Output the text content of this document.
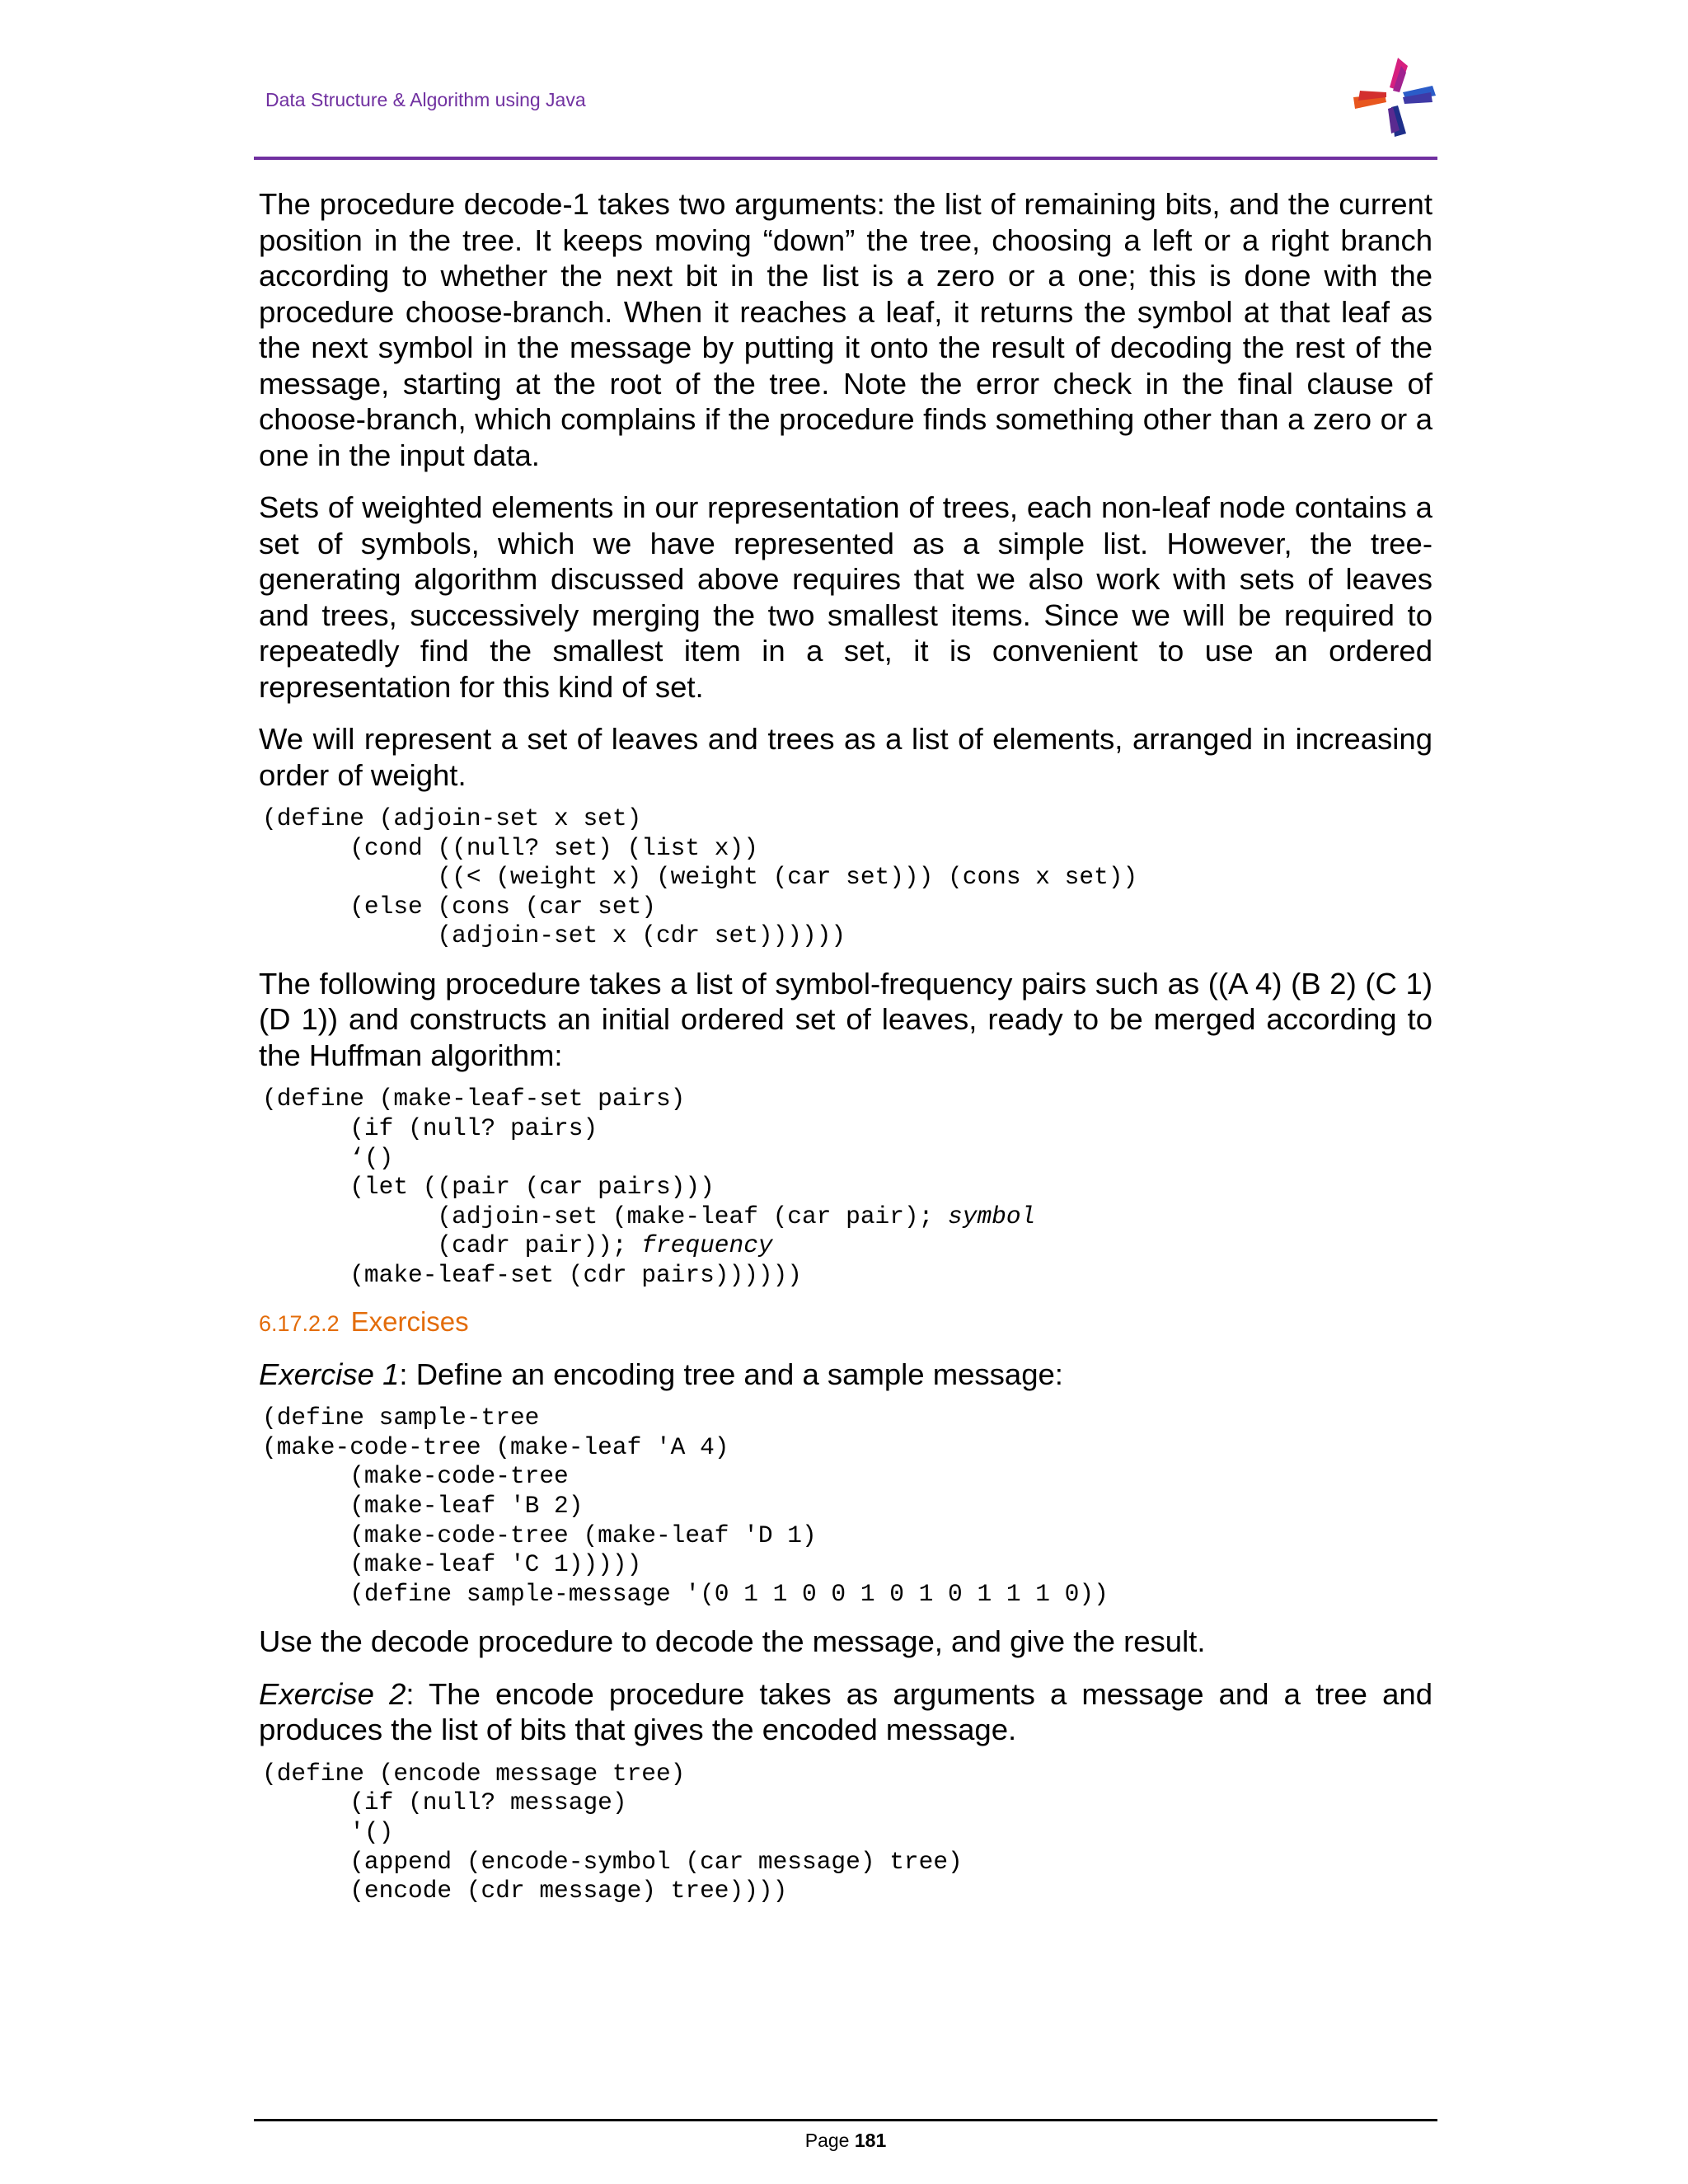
Data Structure & Algorithm using Java

The procedure decode-1 takes two arguments: the list of remaining bits, and the current position in the tree. It keeps moving “down” the tree, choosing a left or a right branch according to whether the next bit in the list is a zero or a one; this is done with the procedure choose-branch. When it reaches a leaf, it returns the symbol at that leaf as the next symbol in the message by putting it onto the result of decoding the rest of the message, starting at the root of the tree. Note the error check in the final clause of choose-branch, which complains if the procedure finds something other than a zero or a one in the input data.

Sets of weighted elements in our representation of trees, each non-leaf node contains a set of symbols, which we have represented as a simple list. However, the tree-generating algorithm discussed above requires that we also work with sets of leaves and trees, successively merging the two smallest items. Since we will be required to repeatedly find the smallest item in a set, it is convenient to use an ordered representation for this kind of set.

We will represent a set of leaves and trees as a list of elements, arranged in increasing order of weight.

(define (adjoin-set x set)
(cond ((null? set) (list x))
((< (weight x) (weight (car set))) (cons x set))
(else (cons (car set)
(adjoin-set x (cdr set))))))

The following procedure takes a list of symbol-frequency pairs such as ((A 4) (B 2) (C 1) (D 1)) and constructs an initial ordered set of leaves, ready to be merged according to the Huffman algorithm:

(define (make-leaf-set pairs)
(if (null? pairs)
‘()
(let ((pair (car pairs)))
(adjoin-set (make-leaf (car pair); symbol
(cadr pair)); frequency
(make-leaf-set (cdr pairs))))))
6.17.2.2 Exercises

Exercise 1: Define an encoding tree and a sample message:

(define sample-tree
(make-code-tree (make-leaf 'A 4)
(make-code-tree
(make-leaf 'B 2)
(make-code-tree (make-leaf 'D 1)
(make-leaf 'C 1)))))
(define sample-message '(0 1 1 0 0 1 0 1 0 1 1 1 0))

Use the decode procedure to decode the message, and give the result.

Exercise 2: The encode procedure takes as arguments a message and a tree and produces the list of bits that gives the encoded message.

(define (encode message tree)
(if (null? message)
'()
(append (encode-symbol (car message) tree)
(encode (cdr message) tree))))
Page 181
